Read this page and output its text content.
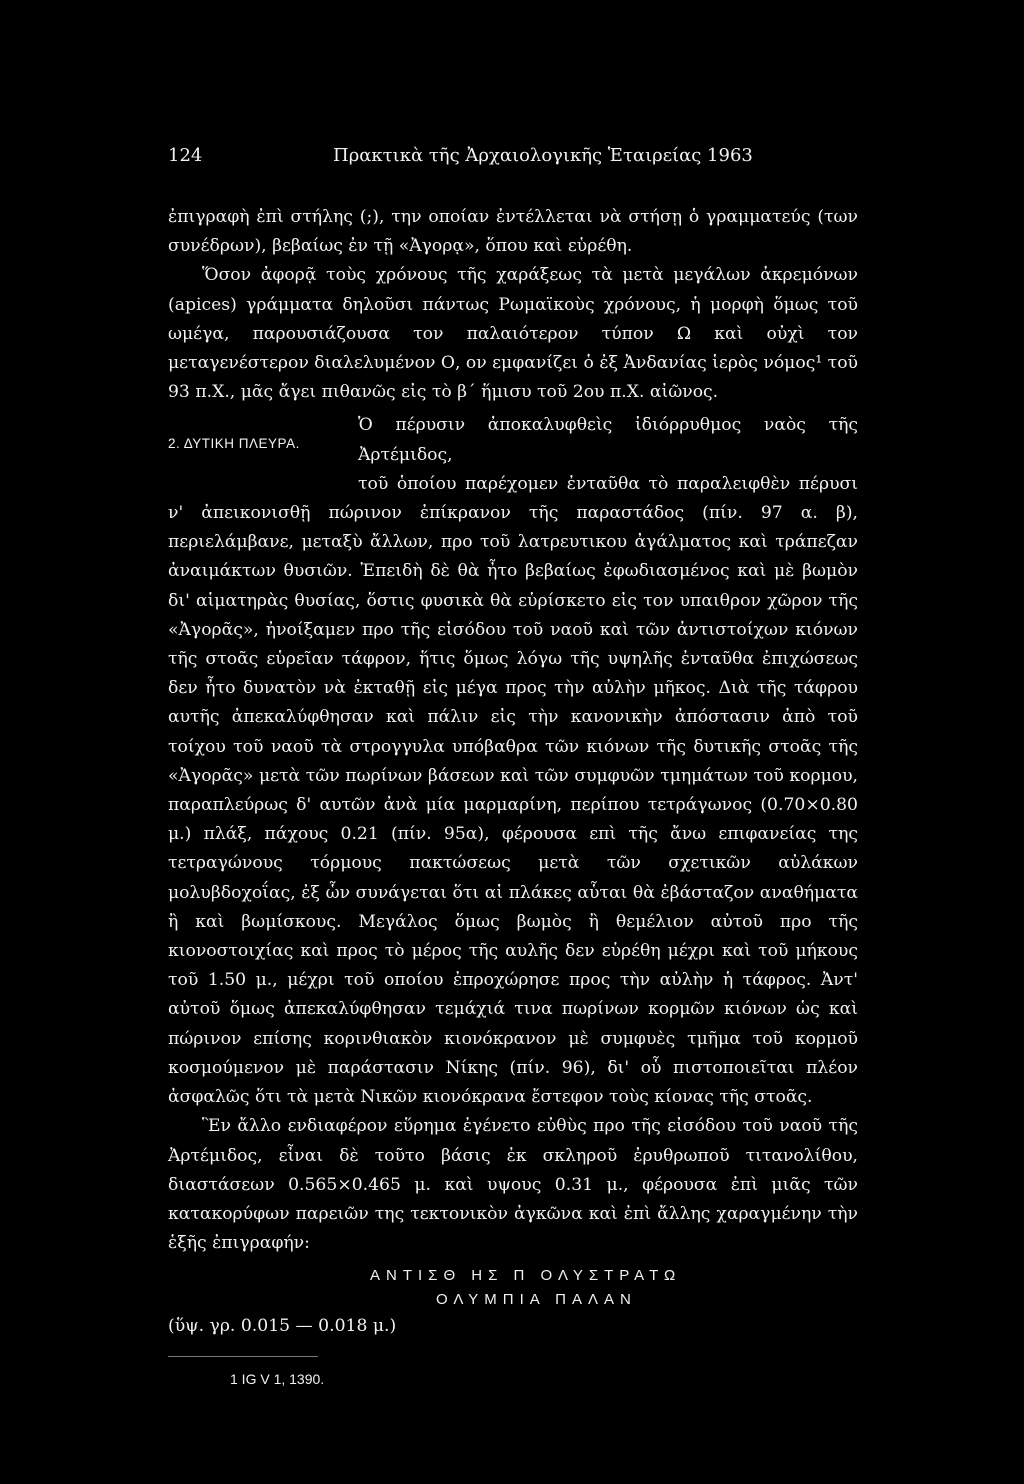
124	Πρακτικὰ τῆς Ἀρχαιολογικῆς Ἑταιρείας 1963

ἐπιγραφὴ ἐπὶ στήλης (;), την οποίαν ἐντέλλεται νὰ στήσῃ ὁ γραμματεύς (των συνέδρων), βεβαίως ἐν τῇ «Ἀγορᾳ», ὅπου καὶ εὑρέθη.

Ὅσον ἀφορᾷ τοὺς χρόνους τῆς χαράξεως τὰ μετὰ μεγάλων ἀκρεμόνων (apices) γράμματα δηλοῦσι πάντως Ρωμαϊκοὺς χρόνους, ἡ μορφὴ ὅμως τοῦ ωμέγα, παρουσιάζουσα τον παλαιότερον τύπον Ω καὶ οὐχὶ τον μεταγενέστερον διαλελυμένον Ο, ον εμφανίζει ὁ ἐξ Ἀνδανίας ἱερὸς νόμος¹ τοῦ 93 π.Χ., μᾶς ἄγει πιθανῶς εἰς τὸ β´ ἥμισυ τοῦ 2ου π.Χ. αἰῶνος.

2. ΔΥΤΙΚΗ ΠΛΕΥΡΑ.

Ὁ πέρυσιν ἀποκαλυφθεὶς ἰδιόρρυθμος ναὸς τῆς Ἀρτέμιδος,

τοῦ ὁποίου παρέχομεν ἐνταῦθα τὸ παραλειφθὲν πέρυσι ν' ἀπεικονισθῇ πώρινον ἐπίκρανον τῆς παραστάδος (πίν. 97 α. β), περιελάμβανε, μεταξὺ ἄλλων, προ τοῦ λατρευτικου ἀγάλματος καὶ τράπεζαν ἀναιμάκτων θυσιῶν. Ἐπειδὴ δὲ θὰ ἦτο βεβαίως ἐφωδιασμένος καὶ μὲ βωμὸν δι' αἱματηρὰς θυσίας, ὅστις φυσικὰ θὰ εὑρίσκετο εἰς τον υπαιθρον χῶρον τῆς «Ἀγορᾶς», ἠνοίξαμεν προ τῆς εἰσόδου τοῦ ναοῦ καὶ τῶν ἀντιστοίχων κιόνων τῆς στοᾶς εὑρεῖαν τάφρον, ἥτις ὅμως λόγω τῆς υψηλῆς ἐνταῦθα ἐπιχώσεως δεν ἦτο δυνατὸν νὰ ἐκταθῇ εἰς μέγα προς τὴν αὐλὴν μῆκος. Διὰ τῆς τάφρου αυτῆς ἀπεκαλύφθησαν καὶ πάλιν εἰς τὴν κανονικὴν ἀπόστασιν ἀπὸ τοῦ τοίχου τοῦ ναοῦ τὰ στρογγυλα υπόβαθρα τῶν κιόνων τῆς δυτικῆς στοᾶς τῆς «Ἀγορᾶς» μετὰ τῶν πωρίνων βάσεων καὶ τῶν συμφυῶν τμημάτων τοῦ κορμου, παραπλεύρως δ' αυτῶν ἀνὰ μία μαρμαρίνη, περίπου τετράγωνος (0.70×0.80 μ.) πλάξ, πάχους 0.21 (πίν. 95α), φέρουσα επὶ τῆς ἄνω επιφανείας της τετραγώνους τόρμους πακτώσεως μετὰ τῶν σχετικῶν αὐλάκων μολυβδοχοΐας, ἐξ ὧν συνάγεται ὅτι αἱ πλάκες αὗται θὰ ἐβάσταζον αναθήματα ἢ καὶ βωμίσκους. Μεγάλος ὅμως βωμὸς ἢ θεμέλιον αὐτοῦ προ τῆς κιονοστοιχίας καὶ προς τὸ μέρος τῆς αυλῆς δεν εὑρέθη μέχρι καὶ τοῦ μήκους τοῦ 1.50 μ., μέχρι τοῦ οποίου ἐπροχώρησε προς τὴν αὐλὴν ἡ τάφρος. Ἀντ' αὐτοῦ ὅμως ἀπεκαλύφθησαν τεμάχιά τινα πωρίνων κορμῶν κιόνων ὡς καὶ πώρινον επίσης κορινθιακὸν κιονόκρανον μὲ συμφυὲς τμῆμα τοῦ κορμοῦ κοσμούμενον μὲ παράστασιν Νίκης (πίν. 96), δι' οὗ πιστοποιεῖται πλέον ἀσφαλῶς ὅτι τὰ μετὰ Νικῶν κιονόκρανα ἔστεφον τοὺς κίονας τῆς στοᾶς.

Ἓν ἄλλο ενδιαφέρον εὕρημα ἐγένετο εὐθὺς προ τῆς εἰσόδου τοῦ ναοῦ τῆς Ἀρτέμιδος, εἶναι δὲ τοῦτο βάσις ἐκ σκληροῦ ἐρυθρωποῦ τιτανολίθου, διαστάσεων 0.565×0.465 μ. καὶ υψους 0.31 μ., φέρουσα ἐπὶ μιᾶς τῶν κατακορύφων παρειῶν της τεκτονικὸν ἀγκῶνα καὶ ἐπὶ ἄλλης χαραγμένην τὴν ἑξῆς ἐπιγραφήν:

ΑΝΤΙΣΘ ΗΣ Π ΟΛΥΣΤΡΑΤΩ
ΟΛΥΜΠΙΑ ΠΑΛΑΝ

(ὕψ. γρ. 0.015 — 0.018 μ.)

1 IG V 1, 1390.
